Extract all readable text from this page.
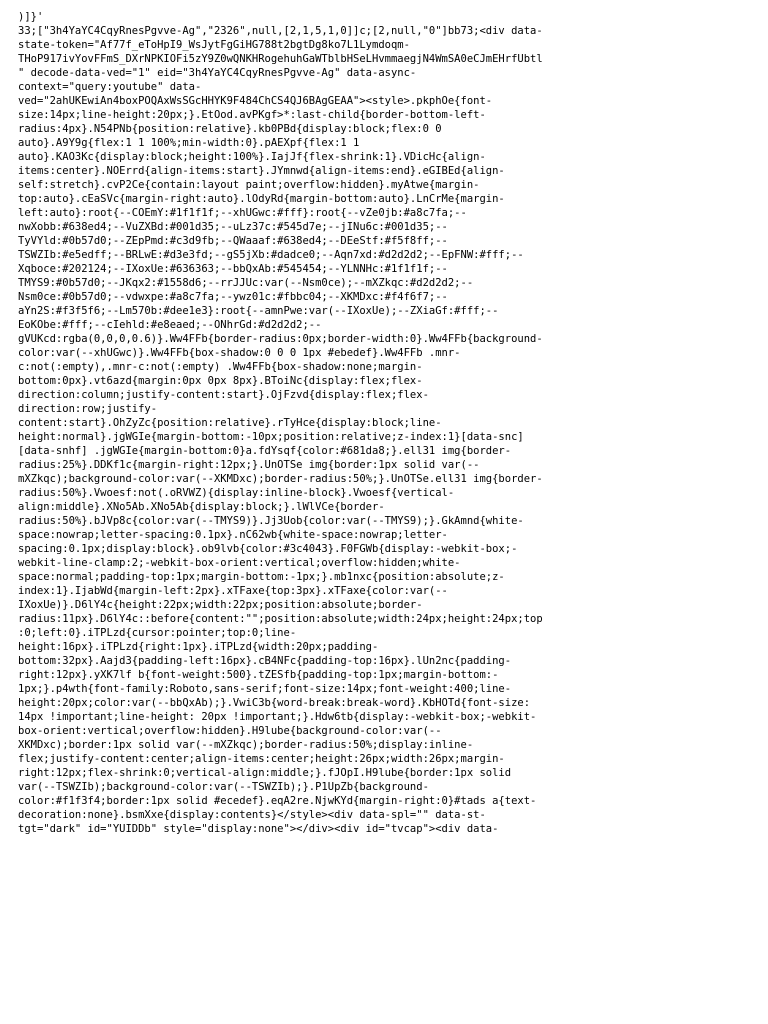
)]}'
33;["3h4YaYC4CqyRnesPgvve-Ag","2326",null,[2,1,5,1,0]]c;[2,null,"0"]bb73;<div data-
state-token="Af77f_eToHpI9_WsJytFgGiHG788t2bgtDg8ko7L1Lymdoqm-
THoP917ivYovFFmS_DXrNPKIOFi5zY9Z0wQNKHRogehuhGaWTblbHSeLHvmmaegjN4WmSA0eCJmEHrfUbtl
" decode-data-ved="1" eid="3h4YaYC4CqyRnesPgvve-Ag" data-async-
context="query:youtube" data-
ved="2ahUKEwiAn4boxPOQAxWsSGcHHYK9F484ChCS4QJ6BAgGEAA"><style>.pkphOe{font-
size:14px;line-height:20px;}.EtOod.avPKgf>*:last-child{border-bottom-left-
radius:4px}.N54PNb{position:relative}.kb0PBd{display:block;flex:0 0
auto}.A9Y9g{flex:1 1 100%;min-width:0}.pAEXpf{flex:1 1
auto}.KAO3Kc{display:block;height:100%}.IajJf{flex-shrink:1}.VDicHc{align-
items:center}.NOErrd{align-items:start}.JYmnwd{align-items:end}.eGIBEd{align-
self:stretch}.cvP2Ce{contain:layout paint;overflow:hidden}.myAtwe{margin-
top:auto}.cEaSVc{margin-right:auto}.lOdyRd{margin-bottom:auto}.LnCrMe{margin-
left:auto}:root{--COEmY:#1f1f1f;--xhUGwc:#fff}:root{--vZe0jb:#a8c7fa;--
nwXobb:#638ed4;--VuZXBd:#001d35;--uLz37c:#545d7e;--jINu6c:#001d35;--
TyVYld:#0b57d0;--ZEpPmd:#c3d9fb;--QWaaaf:#638ed4;--DEeStf:#f5f8ff;--
TSWZIb:#e5edff;--BRLwE:#d3e3fd;--gS5jXb:#dadce0;--Aqn7xd:#d2d2d2;--EpFNW:#fff;--
Xqboce:#202124;--IXoxUe:#636363;--bbQxAb:#545454;--YLNNHc:#1f1f1f;--
TMYS9:#0b57d0;--JKqx2:#1558d6;--rrJJUc:var(--Nsm0ce);--mXZkqc:#d2d2d2;--
Nsm0ce:#0b57d0;--vdwxpe:#a8c7fa;--ywz01c:#fbbc04;--XKMDxc:#f4f6f7;--
aYn2S:#f3f5f6;--Lm570b:#dee1e3}:root{--amnPwe:var(--IXoxUe);--ZXiaGf:#fff;--
EoKObe:#fff;--cIehld:#e8eaed;--ONhrGd:#d2d2d2;--
gVUKcd:rgba(0,0,0,0.6)}.Ww4FFb{border-radius:0px;border-width:0}.Ww4FFb{background-
color:var(--xhUGwc)}.Ww4FFb{box-shadow:0 0 0 1px #ebedef}.Ww4FFb .mnr-
c:not(:empty),.mnr-c:not(:empty) .Ww4FFb{box-shadow:none;margin-
bottom:0px}.vt6azd{margin:0px 0px 8px}.BToiNc{display:flex;flex-
direction:column;justify-content:start}.OjFzvd{display:flex;flex-
direction:row;justify-
content:start}.OhZyZc{position:relative}.rTyHce{display:block;line-
height:normal}.jgWGIe{margin-bottom:-10px;position:relative;z-index:1}[data-snc]
[data-snhf] .jgWGIe{margin-bottom:0}a.fdYsqf{color:#681da8;}.ell31 img{border-
radius:25%}.DDKf1c{margin-right:12px;}.UnOTSe img{border:1px solid var(--
mXZkqc);background-color:var(--XKMDxc);border-radius:50%;}.UnOTSe.ell31 img{border-
radius:50%}.Vwoesf:not(.oRVWZ){display:inline-block}.Vwoesf{vertical-
align:middle}.XNo5Ab.XNo5Ab{display:block;}.lWlVCe{border-
radius:50%}.bJVp8c{color:var(--TMYS9)}.Jj3Uob{color:var(--TMYS9);}.GkAmnd{white-
space:nowrap;letter-spacing:0.1px}.nC62wb{white-space:nowrap;letter-
spacing:0.1px;display:block}.ob9lvb{color:#3c4043}.F0FGWb{display:-webkit-box;-
webkit-line-clamp:2;-webkit-box-orient:vertical;overflow:hidden;white-
space:normal;padding-top:1px;margin-bottom:-1px;}.mb1nxc{position:absolute;z-
index:1}.IjabWd{margin-left:2px}.xTFaxe{top:3px}.xTFaxe{color:var(--
IXoxUe)}.D6lY4c{height:22px;width:22px;position:absolute;border-
radius:11px}.D6lY4c::before{content:"";position:absolute;width:24px;height:24px;top
:0;left:0}.iTPLzd{cursor:pointer;top:0;line-
height:16px}.iTPLzd{right:1px}.iTPLzd{width:20px;padding-
bottom:32px}.Aajd3{padding-left:16px}.cB4NFc{padding-top:16px}.lUn2nc{padding-
right:12px}.yXK7lf b{font-weight:500}.tZESfb{padding-top:1px;margin-bottom:-
1px;}.p4wth{font-family:Roboto,sans-serif;font-size:14px;font-weight:400;line-
height:20px;color:var(--bbQxAb);}.VwiC3b{word-break:break-word}.KbHOTd{font-size:
14px !important;line-height: 20px !important;}.Hdw6tb{display:-webkit-box;-webkit-
box-orient:vertical;overflow:hidden}.H9lube{background-color:var(--
XKMDxc);border:1px solid var(--mXZkqc);border-radius:50%;display:inline-
flex;justify-content:center;align-items:center;height:26px;width:26px;margin-
right:12px;flex-shrink:0;vertical-align:middle;}.fJOpI.H9lube{border:1px solid
var(--TSWZIb);background-color:var(--TSWZIb);}.P1UpZb{background-
color:#f1f3f4;border:1px solid #ecedef}.eqA2re.NjwKYd{margin-right:0}#tads a{text-
decoration:none}.bsmXxe{display:contents}</style><div data-spl="" data-st-
tgt="dark" id="YUIDDb" style="display:none"></div><div id="tvcap"><div data-
